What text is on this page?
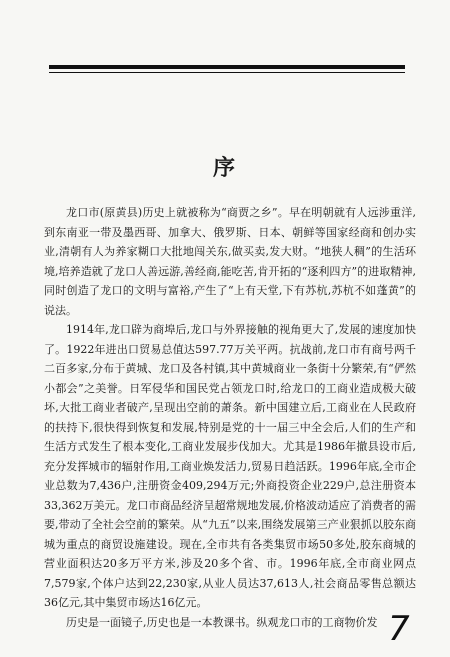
序

龙口市(原黄县)历史上就被称为“商贾之乡”。早在明朝就有人远涉重洋,到东南亚一带及墨西哥、加拿大、俄罗斯、日本、朝鲜等国家经商和创办实业,清朝有人为养家糊口大批地闯关东,做买卖,发大财。“地狭人稠”的生活环境,培养造就了龙口人善远游,善经商,能吃苦,肯开拓的“逐利四方”的进取精神,同时创造了龙口的文明与富裕,产生了“上有天堂,下有苏杭,苏杭不如蓬黄”的说法。

1914年,龙口辟为商埠后,龙口与外界接触的视角更大了,发展的速度加快了。1922年进出口贸易总值达597.77万关平两。抗战前,龙口市有商号两千二百多家,分布于黄城、龙口及各村镇,其中黄城商业一条街十分繁荣,有“俨然小都会”之美誉。日军侵华和国民党占领龙口时,给龙口的工商业造成极大破坏,大批工商业者破产,呈现出空前的萧条。新中国建立后,工商业在人民政府的扶持下,很快得到恢复和发展,特别是党的十一届三中全会后,人们的生产和生活方式发生了根本变化,工商业发展步伐加大。尤其是1986年撤县设市后,充分发挥城市的辐射作用,工商业焕发活力,贸易日趋活跃。1996年底,全市企业总数为7,436户,注册资金409,294万元;外商投资企业229户,总注册资本33,362万美元。龙口市商品经济呈超常规地发展,价格波动适应了消费者的需要,带动了全社会空前的繁荣。从“九五”以来,围绕发展第三产业狠抓以胶东商城为重点的商贸设施建设。现在,全市共有各类集贸市场50多处,胶东商城的营业面积达20多万平方米,涉及20多个省、市。1996年底,全市商业网点7,579家,个体户达到22,230家,从业人员达37,613人,社会商品零售总额达36亿元,其中集贸市场达16亿元。

历史是一面镜子,历史也是一本教课书。纵观龙口市的工商物价发 7
